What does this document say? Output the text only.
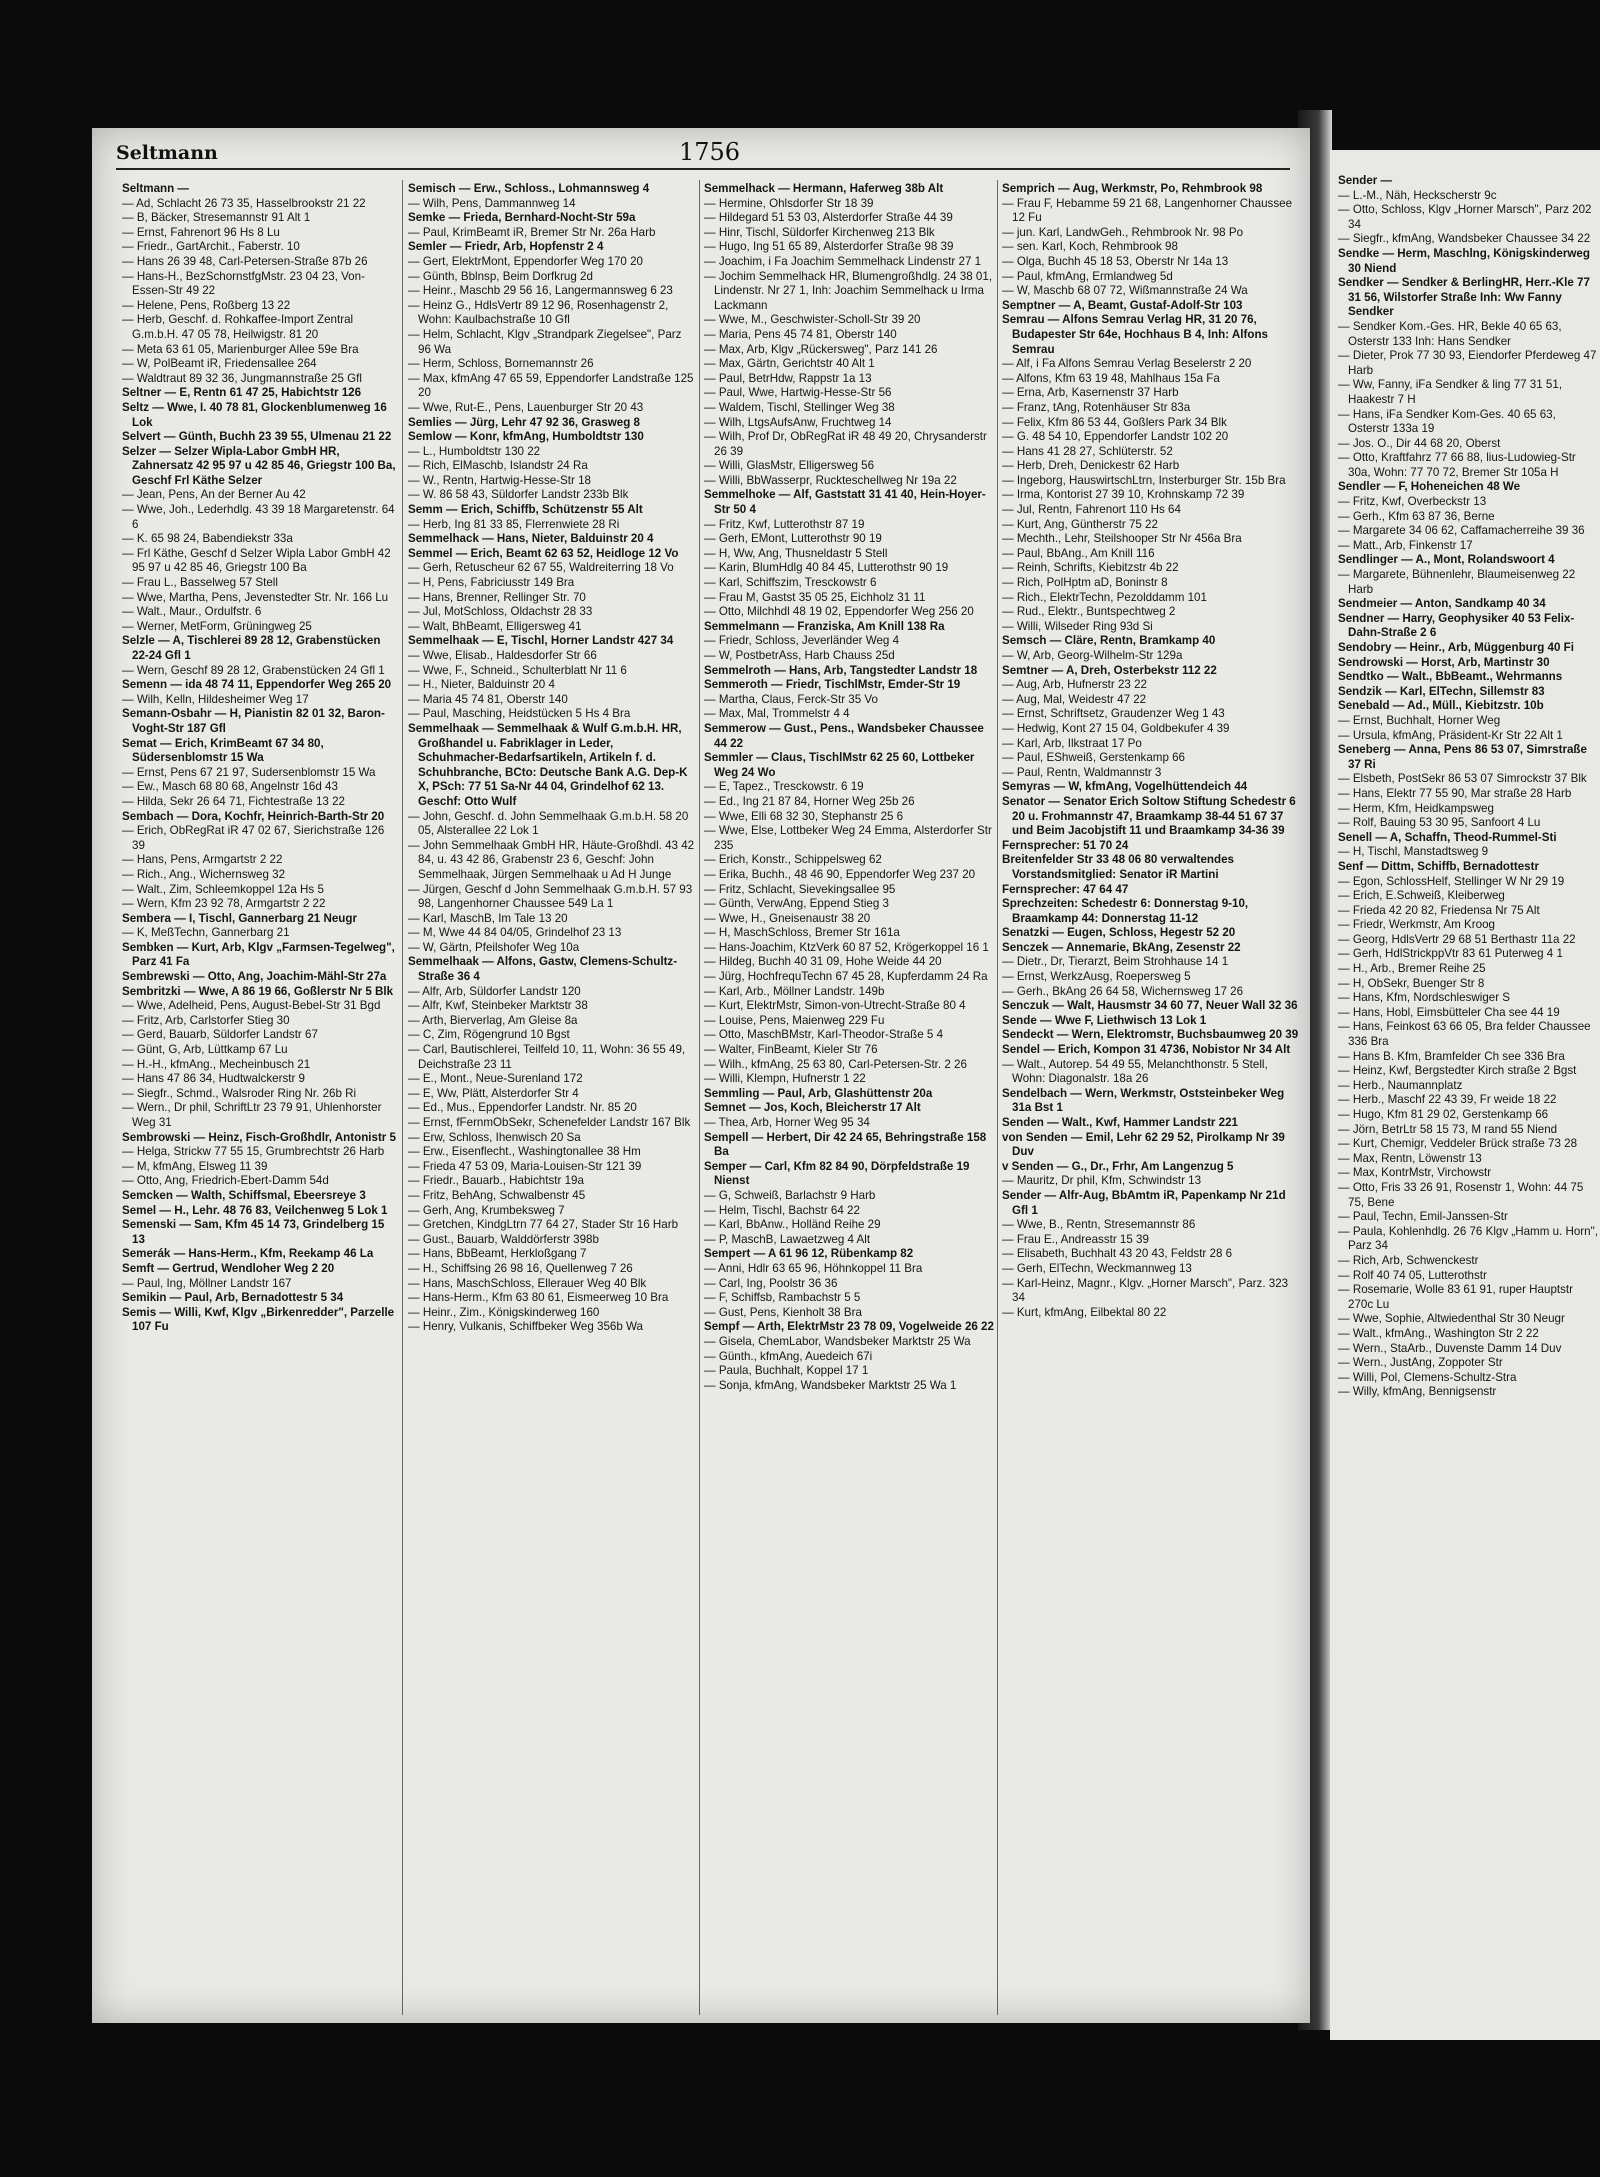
Seltmann	1756

Seltmann —

— Ad, Schlacht 26 73 35, Hasselbrookstr 21 22

— B, Bäcker, Stresemannstr 91 Alt 1

— Ernst, Fahrenort 96 Hs 8 Lu

— Friedr., GartArchit., Faberstr. 10

— Hans 26 39 48, Carl-Petersen-Straße 87b 26

— Hans-H., BezSchornstfgMstr. 23 04 23, Von-Essen-Str 49 22

— Helene, Pens, Roßberg 13 22

— Herb, Geschf. d. Rohkaffee-Import Zentral G.m.b.H. 47 05 78, Heilwigstr. 81 20

— Meta 63 61 05, Marienburger Allee 59e Bra

— W, PolBeamt iR, Friedensallee 264

— Waldtraut 89 32 36, Jungmannstraße 25 Gfl

Seltner — E, Rentn 61 47 25, Habichtstr 126

Seltz — Wwe, I. 40 78 81, Glockenblumenweg 16 Lok

Selvert — Günth, Buchh 23 39 55, Ulmenau 21 22

Selzer — Selzer Wipla-Labor GmbH HR, Zahnersatz 42 95 97 u 42 85 46, Griegstr 100 Ba, Geschf Frl Käthe Selzer

— Jean, Pens, An der Berner Au 42

— Wwe, Joh., Lederhdlg. 43 39 18 Margaretenstr. 64 6

— K. 65 98 24, Babendiekstr 33a

— Frl Käthe, Geschf d Selzer Wipla Labor GmbH 42 95 97 u 42 85 46, Griegstr 100 Ba

— Frau L., Basselweg 57 Stell

— Wwe, Martha, Pens, Jevenstedter Str. Nr. 166 Lu

— Walt., Maur., Ordulfstr. 6

— Werner, MetForm, Grüningweg 25

Selzle — A, Tischlerei 89 28 12, Grabenstücken 22-24 Gfl 1

— Wern, Geschf 89 28 12, Grabenstücken 24 Gfl 1

Semenn — ida 48 74 11, Eppendorfer Weg 265 20

— Wilh, Kelln, Hildesheimer Weg 17

Semann-Osbahr — H, Pianistin 82 01 32, Baron-Voght-Str 187 Gfl

Semat — Erich, KrimBeamt 67 34 80, Südersenblomstr 15 Wa

— Ernst, Pens 67 21 97, Sudersenblomstr 15 Wa

— Ew., Masch 68 80 68, Angelnstr 16d 43

— Hilda, Sekr 26 64 71, Fichtestraße 13 22

Sembach — Dora, Kochfr, Heinrich-Barth-Str 20

— Erich, ObRegRat iR 47 02 67, Sierichstraße 126 39

— Hans, Pens, Armgartstr 2 22

— Rich., Ang., Wichernsweg 32

— Walt., Zim, Schleemkoppel 12a Hs 5

— Wern, Kfm 23 92 78, Armgartstr 2 22

Sembera — I, Tischl, Gannerbarg 21 Neugr

— K, MeßTechn, Gannerbarg 21

Sembken — Kurt, Arb, Klgv „Farmsen-Tegelweg", Parz 41 Fa

Sembrewski — Otto, Ang, Joachim-Mähl-Str 27a

Sembritzki — Wwe, A 86 19 66, Goßlerstr Nr 5 Blk

— Wwe, Adelheid, Pens, August-Bebel-Str 31 Bgd

— Fritz, Arb, Carlstorfer Stieg 30

— Gerd, Bauarb, Süldorfer Landstr 67

— Günt, G, Arb, Lüttkamp 67 Lu

— H.-H., kfmAng., Mecheinbusch 21

— Hans 47 86 34, Hudtwalckerstr 9

— Siegfr., Schmd., Walsroder Ring Nr. 26b Ri

— Wern., Dr phil, SchriftLtr 23 79 91, Uhlenhorster Weg 31

Sembrowski — Heinz, Fisch-Großhdlr, Antonistr 5

— Helga, Strickw 77 55 15, Grumbrechtstr 26 Harb

— M, kfmAng, Elsweg 11 39

— Otto, Ang, Friedrich-Ebert-Damm 54d

Semcken — Walth, Schiffsmal, Ebeersreye 3

Semel — H., Lehr. 48 76 83, Veilchenweg 5 Lok 1

Semenski — Sam, Kfm 45 14 73, Grindelberg 15 13

Semerák — Hans-Herm., Kfm, Reekamp 46 La

Semft — Gertrud, Wendloher Weg 2 20

— Paul, Ing, Möllner Landstr 167

Semikin — Paul, Arb, Bernadottestr 5 34

Semis — Willi, Kwf, Klgv „Birkenredder", Parzelle 107 Fu

Semisch — Erw., Schloss., Lohmannsweg 4

— Wilh, Pens, Dammannweg 14

Semke — Frieda, Bernhard-Nocht-Str 59a

— Paul, KrimBeamt iR, Bremer Str Nr. 26a Harb

Semler — Friedr, Arb, Hopfenstr 2 4

— Gert, ElektrMont, Eppendorfer Weg 170 20

— Günth, Bblnsp, Beim Dorfkrug 2d

— Heinr., Maschb 29 56 16, Langermannsweg 6 23

— Heinz G., HdlsVertr 89 12 96, Rosenhagenstr 2, Wohn: Kaulbachstraße 10 Gfl

— Helm, Schlacht, Klgv „Strandpark Ziegelsee", Parz 96 Wa

— Herm, Schloss, Bornemannstr 26

— Max, kfmAng 47 65 59, Eppendorfer Landstraße 125 20

— Wwe, Rut-E., Pens, Lauenburger Str 20 43

Semlies — Jürg, Lehr 47 92 36, Grasweg 8

Semlow — Konr, kfmAng, Humboldtstr 130

— L., Humboldtstr 130 22

— Rich, ElMaschb, Islandstr 24 Ra

— W., Rentn, Hartwig-Hesse-Str 18

— W. 86 58 43, Süldorfer Landstr 233b Blk

Semm — Erich, Schiffb, Schützenstr 55 Alt

— Herb, Ing 81 33 85, Flerrenwiete 28 Ri

Semmelhack — Hans, Nieter, Balduinstr 20 4

Semmel — Erich, Beamt 62 63 52, Heidloge 12 Vo

— Gerh, Retuscheur 62 67 55, Waldreiterring 18 Vo

— H, Pens, Fabriciusstr 149 Bra

— Hans, Brenner, Rellinger Str. 70

— Jul, MotSchloss, Oldachstr 28 33

— Walt, BhBeamt, Elligersweg 41

Semmelhaak — E, Tischl, Horner Landstr 427 34

— Wwe, Elisab., Haldesdorfer Str 66

— Wwe, F., Schneid., Schulterblatt Nr 11 6

— H., Nieter, Balduinstr 20 4

— Maria 45 74 81, Oberstr 140

— Paul, Masching, Heidstücken 5 Hs 4 Bra

Semmelhaak — Semmelhaak & Wulf G.m.b.H. HR, Großhandel u. Fabriklager in Leder, Schuhmacher-Bedarfsartikeln, Artikeln f. d. Schuhbranche, BCto: Deutsche Bank A.G. Dep-K X, PSch: 77 51 Sa-Nr 44 04, Grindelhof 62 13. Geschf: Otto Wulf

— John, Geschf. d. John Semmelhaak G.m.b.H. 58 20 05, Alsterallee 22 Lok 1

— John Semmelhaak GmbH HR, Häute-Großhdl. 43 42 84, u. 43 42 86, Grabenstr 23 6, Geschf: John Semmelhaak, Jürgen Semmelhaak u Ad H Junge

— Jürgen, Geschf d John Semmelhaak G.m.b.H. 57 93 98, Langenhorner Chaussee 549 La 1

— Karl, MaschB, Im Tale 13 20

— M, Wwe 44 84 04/05, Grindelhof 23 13

— W, Gärtn, Pfeilshofer Weg 10a

Semmelhaak — Alfons, Gastw, Clemens-Schultz-Straße 36 4

— Alfr, Arb, Süldorfer Landstr 120

— Alfr, Kwf, Steinbeker Marktstr 38

— Arth, Bierverlag, Am Gleise 8a

— C, Zim, Rögengrund 10 Bgst

— Carl, Bautischlerei, Teilfeld 10, 11, Wohn: 36 55 49, Deichstraße 23 11

— E., Mont., Neue-Surenland 172

— E, Ww, Plätt, Alsterdorfer Str 4

— Ed., Mus., Eppendorfer Landstr. Nr. 85 20

— Ernst, fFernmObSekr, Schenefelder Landstr 167 Blk

— Erw, Schloss, Ihenwisch 20 Sa

— Erw., Eisenflecht., Washingtonallee 38 Hm

— Frieda 47 53 09, Maria-Louisen-Str 121 39

— Friedr., Bauarb., Habichtstr 19a

— Fritz, BehAng, Schwalbenstr 45

— Gerh, Ang, Krumbeksweg 7

— Gretchen, KindgLtrn 77 64 27, Stader Str 16 Harb

— Gust., Bauarb, Walddörferstr 398b

— Hans, BbBeamt, Herkloßgang 7

— H., Schiffsing 26 98 16, Quellenweg 7 26

— Hans, MaschSchloss, Ellerauer Weg 40 Blk

— Hans-Herm., Kfm 63 80 61, Eismeerweg 10 Bra

— Heinr., Zim., Königskinderweg 160

— Henry, Vulkanis, Schiffbeker Weg 356b Wa

Semmelhack — Hermann, Haferweg 38b Alt

— Hermine, Ohlsdorfer Str 18 39

— Hildegard 51 53 03, Alsterdorfer Straße 44 39

— Hinr, Tischl, Süldorfer Kirchenweg 213 Blk

— Hugo, Ing 51 65 89, Alsterdorfer Straße 98 39

— Joachim, i Fa Joachim Semmelhack Lindenstr 27 1

— Jochim Semmelhack HR, Blumengroßhdlg. 24 38 01, Lindenstr. Nr 27 1, Inh: Joachim Semmelhack u Irma Lackmann

— Wwe, M., Geschwister-Scholl-Str 39 20

— Maria, Pens 45 74 81, Oberstr 140

— Max, Arb, Klgv „Rückersweg", Parz 141 26

— Max, Gärtn, Gerichtstr 40 Alt 1

— Paul, BetrHdw, Rappstr 1a 13

— Paul, Wwe, Hartwig-Hesse-Str 56

— Waldem, Tischl, Stellinger Weg 38

— Wilh, LtgsAufsAnw, Fruchtweg 14

— Wilh, Prof Dr, ObRegRat iR 48 49 20, Chrysanderstr 26 39

— Willi, GlasMstr, Elligersweg 56

— Willi, BbWasserpr, Ruckteschellweg Nr 19a 22

Semmelhoke — Alf, Gaststatt 31 41 40, Hein-Hoyer-Str 50 4

— Fritz, Kwf, Lutterothstr 87 19

— Gerh, EMont, Lutterothstr 90 19

— H, Ww, Ang, Thusneldastr 5 Stell

— Karin, BlumHdlg 40 84 45, Lutterothstr 90 19

— Karl, Schiffszim, Tresckowstr 6

— Frau M, Gastst 35 05 25, Eichholz 31 11

— Otto, Milchhdl 48 19 02, Eppendorfer Weg 256 20

Semmelmann — Franziska, Am Knill 138 Ra

— Friedr, Schloss, Jeverländer Weg 4

— W, PostbetrAss, Harb Chauss 25d

Semmelroth — Hans, Arb, Tangstedter Landstr 18

Semmeroth — Friedr, TischlMstr, Emder-Str 19

— Martha, Claus, Ferck-Str 35 Vo

— Max, Mal, Trommelstr 4 4

Semmerow — Gust., Pens., Wandsbeker Chaussee 44 22

Semmler — Claus, TischlMstr 62 25 60, Lottbeker Weg 24 Wo

— E, Tapez., Tresckowstr. 6 19

— Ed., Ing 21 87 84, Horner Weg 25b 26

— Wwe, Elli 68 32 30, Stephanstr 25 6

— Wwe, Else, Lottbeker Weg 24 Emma, Alsterdorfer Str 235

— Erich, Konstr., Schippelsweg 62

— Erika, Buchh., 48 46 90, Eppendorfer Weg 237 20

— Fritz, Schlacht, Sievekingsallee 95

— Günth, VerwAng, Eppend Stieg 3

— Wwe, H., Gneisenaustr 38 20

— H, MaschSchloss, Bremer Str 161a

— Hans-Joachim, KtzVerk 60 87 52, Krögerkoppel 16 1

— Hildeg, Buchh 40 31 09, Hohe Weide 44 20

— Jürg, HochfrequTechn 67 45 28, Kupferdamm 24 Ra

— Karl, Arb., Möllner Landstr. 149b

— Kurt, ElektrMstr, Simon-von-Utrecht-Straße 80 4

— Louise, Pens, Maienweg 229 Fu

— Otto, MaschBMstr, Karl-Theodor-Straße 5 4

— Walter, FinBeamt, Kieler Str 76

— Wilh., kfmAng, 25 63 80, Carl-Petersen-Str. 2 26

— Willi, Klempn, Hufnerstr 1 22

Semmling — Paul, Arb, Glashüttenstr 20a

Semnet — Jos, Koch, Bleicherstr 17 Alt

— Thea, Arb, Horner Weg 95 34

Sempell — Herbert, Dir 42 24 65, Behringstraße 158 Ba

Semper — Carl, Kfm 82 84 90, Dörpfeldstraße 19 Nienst

— G, Schweiß, Barlachstr 9 Harb

— Helm, Tischl, Bachstr 64 22

— Karl, BbAnw., Holländ Reihe 29

— P, MaschB, Lawaetzweg 4 Alt

Sempert — A 61 96 12, Rübenkamp 82

— Anni, Hdlr 63 65 96, Höhnkoppel 11 Bra

— Carl, Ing, Poolstr 36 36

— F, Schiffsb, Rambachstr 5 5

— Gust, Pens, Kienholt 38 Bra

Sempf — Arth, ElektrMstr 23 78 09, Vogelweide 26 22

— Gisela, ChemLabor, Wandsbeker Marktstr 25 Wa

— Günth., kfmAng, Auedeich 67i

— Paula, Buchhalt, Koppel 17 1

— Sonja, kfmAng, Wandsbeker Marktstr 25 Wa 1

Semprich — Aug, Werkmstr, Po, Rehmbrook 98

— Frau F, Hebamme 59 21 68, Langenhorner Chaussee 12 Fu

— jun. Karl, LandwGeh., Rehmbrook Nr. 98 Po

— sen. Karl, Koch, Rehmbrook 98

— Olga, Buchh 45 18 53, Oberstr Nr 14a 13

— Paul, kfmAng, Ermlandweg 5d

— W, Maschb 68 07 72, Wißmannstraße 24 Wa

Semptner — A, Beamt, Gustaf-Adolf-Str 103

Semrau — Alfons Semrau Verlag HR, 31 20 76, Budapester Str 64e, Hochhaus B 4, Inh: Alfons Semrau

— Alf, i Fa Alfons Semrau Verlag Beselerstr 2 20

— Alfons, Kfm 63 19 48, Mahlhaus 15a Fa

— Erna, Arb, Kasernenstr 37 Harb

— Franz, tAng, Rotenhäuser Str 83a

— Felix, Kfm 86 53 44, Goßlers Park 34 Blk

— G. 48 54 10, Eppendorfer Landstr 102 20

— Hans 41 28 27, Schlüterstr. 52

— Herb, Dreh, Denickestr 62 Harb

— Ingeborg, HauswirtschLtrn, Insterburger Str. 15b Bra

— Irma, Kontorist 27 39 10, Krohnskamp 72 39

— Jul, Rentn, Fahrenort 110 Hs 64

— Kurt, Ang, Güntherstr 75 22

— Mechth., Lehr, Steilshooper Str Nr 456a Bra

— Paul, BbAng., Am Knill 116

— Reinh, Schrifts, Kiebitzstr 4b 22

— Rich, PolHptm aD, Boninstr 8

— Rich., ElektrTechn, Pezolddamm 101

— Rud., Elektr., Buntspechtweg 2

— Willi, Wilseder Ring 93d Si

Semsch — Cläre, Rentn, Bramkamp 40

— W, Arb, Georg-Wilhelm-Str 129a

Semtner — A, Dreh, Osterbekstr 112 22

— Aug, Arb, Hufnerstr 23 22

— Aug, Mal, Weidestr 47 22

— Ernst, Schriftsetz, Graudenzer Weg 1 43

— Hedwig, Kont 27 15 04, Goldbekufer 4 39

— Karl, Arb, Ilkstraat 17 Po

— Paul, EShweiß, Gerstenkamp 66

— Paul, Rentn, Waldmannstr 3

Semyras — W, kfmAng, Vogelhüttendeich 44

Senator — Senator Erich Soltow Stiftung Schedestr 6 20 u. Frohmannstr 47, Braamkamp 38-44 51 67 37 und Beim Jacobjstift 11 und Braamkamp 34-36 39

Fernsprecher: 51 70 24

Breitenfelder Str 33 48 06 80 verwaltendes Vorstandsmitglied: Senator iR Martini

Fernsprecher: 47 64 47

Sprechzeiten: Schedestr 6: Donnerstag 9-10, Braamkamp 44: Donnerstag 11-12

Senatzki — Eugen, Schloss, Hegestr 52 20

Senczek — Annemarie, BkAng, Zesenstr 22

— Dietr., Dr, Tierarzt, Beim Strohhause 14 1

— Ernst, WerkzAusg, Roepersweg 5

— Gerh., BkAng 26 64 58, Wichernsweg 17 26

Senczuk — Walt, Hausmstr 34 60 77, Neuer Wall 32 36

Sende — Wwe F, Liethwisch 13 Lok 1

Sendeckt — Wern, Elektromstr, Buchsbaumweg 20 39

Sendel — Erich, Kompon 31 4736, Nobistor Nr 34 Alt

— Walt., Autorep. 54 49 55, Melanchthonstr. 5 Stell, Wohn: Diagonalstr. 18a 26

Sendelbach — Wern, Werkmstr, Oststeinbeker Weg 31a Bst 1

Senden — Walt., Kwf, Hammer Landstr 221

von Senden — Emil, Lehr 62 29 52, Pirolkamp Nr 39 Duv

v Senden — G., Dr., Frhr, Am Langenzug 5

— Mauritz, Dr phil, Kfm, Schwindstr 13

Sender — Alfr-Aug, BbAmtm iR, Papenkamp Nr 21d Gfl 1

— Wwe, B., Rentn, Stresemannstr 86

— Frau E., Andreasstr 15 39

— Elisabeth, Buchhalt 43 20 43, Feldstr 28 6

— Gerh, ElTechn, Weckmannweg 13

— Karl-Heinz, Magnr., Klgv. „Horner Marsch", Parz. 323 34

— Kurt, kfmAng, Eilbektal 80 22

Sender —

— L.-M., Näh, Heckscherstr 9c

— Otto, Schloss, Klgv „Horner Marsch", Parz 202 34

— Siegfr., kfmAng, Wandsbeker Chaussee 34 22

Sendke — Herm, Maschlng, Königskinderweg 30 Niend

Sendker — Sendker & BerlingHR, Herr.-Kle 77 31 56, Wilstorfer Straße Inh: Ww Fanny Sendker

— Sendker Kom.-Ges. HR, Bekle 40 65 63, Osterstr 133 Inh: Hans Sendker

— Dieter, Prok 77 30 93, Eiendorfer Pferdeweg 47 Harb

— Ww, Fanny, iFa Sendker & ling 77 31 51, Haakestr 7 H

— Hans, iFa Sendker Kom-Ges. 40 65 63, Osterstr 133a 19

— Jos. O., Dir 44 68 20, Oberst

— Otto, Kraftfahrz 77 66 88, lius-Ludowieg-Str 30a, Wohn: 77 70 72, Bremer Str 105a H

Sendler — F, Hoheneichen 48 We

— Fritz, Kwf, Overbeckstr 13

— Gerh., Kfm 63 87 36, Berne

— Margarete 34 06 62, Caffamacherreihe 39 36

— Matt., Arb, Finkenstr 17

Sendlinger — A., Mont, Rolandswoort 4

— Margarete, Bühnenlehr, Blaumeisenweg 22 Harb

Sendmeier — Anton, Sandkamp 40 34

Sendner — Harry, Geophysiker 40 53 Felix-Dahn-Straße 2 6

Sendobry — Heinr., Arb, Müggenburg 40 Fi

Sendrowski — Horst, Arb, Martinstr 30

Sendtko — Walt., BbBeamt., Wehrmanns

Sendzik — Karl, ElTechn, Sillemstr 83

Senebald — Ad., Müll., Kiebitzstr. 10b

— Ernst, Buchhalt, Horner Weg

— Ursula, kfmAng, Präsident-Kr Str 22 Alt 1

Seneberg — Anna, Pens 86 53 07, Simrstraße 37 Ri

— Elsbeth, PostSekr 86 53 07 Simrockstr 37 Blk

— Hans, Elektr 77 55 90, Mar straße 28 Harb

— Herm, Kfm, Heidkampsweg

— Rolf, Bauing 53 30 95, Sanfoort 4 Lu

Senell — A, Schaffn, Theod-Rummel-Sti

— H, Tischl, Manstadtsweg 9

Senf — Dittm, Schiffb, Bernadottestr

— Egon, SchlossHelf, Stellinger W Nr 29 19

— Erich, E.Schweiß, Kleiberweg

— Frieda 42 20 82, Friedensa Nr 75 Alt

— Friedr, Werkmstr, Am Kroog

— Georg, HdlsVertr 29 68 51 Berthastr 11a 22

— Gerh, HdlStrickppVtr 83 61 Puterweg 4 1

— H., Arb., Bremer Reihe 25

— H, ObSekr, Buenger Str 8

— Hans, Kfm, Nordschleswiger S

— Hans, Hobl, Eimsbütteler Cha see 44 19

— Hans, Feinkost 63 66 05, Bra felder Chaussee 336 Bra

— Hans B. Kfm, Bramfelder Ch see 336 Bra

— Heinz, Kwf, Bergstedter Kirch straße 2 Bgst

— Herb., Naumannplatz

— Herb., Maschf 22 43 39, Fr weide 18 22

— Hugo, Kfm 81 29 02, Gerstenkamp 66

— Jörn, BetrLtr 58 15 73, M rand 55 Niend

— Kurt, Chemigr, Veddeler Brück straße 73 28

— Max, Rentn, Löwenstr 13

— Max, KontrMstr, Virchowstr

— Otto, Fris 33 26 91, Rosenstr 1, Wohn: 44 75 75, Bene

— Paul, Techn, Emil-Janssen-Str

— Paula, Kohlenhdlg. 26 76 Klgv „Hamm u. Horn", Parz 34

— Rich, Arb, Schwenckestr

— Rolf 40 74 05, Lutterothstr

— Rosemarie, Wolle 83 61 91, ruper Hauptstr 270c Lu

— Wwe, Sophie, Altwiedenthal Str 30 Neugr

— Walt., kfmAng., Washington Str 2 22

— Wern., StaArb., Duvenste Damm 14 Duv

— Wern., JustAng, Zoppoter Str

— Willi, Pol, Clemens-Schultz-Stra

— Willy, kfmAng, Bennigsenstr
